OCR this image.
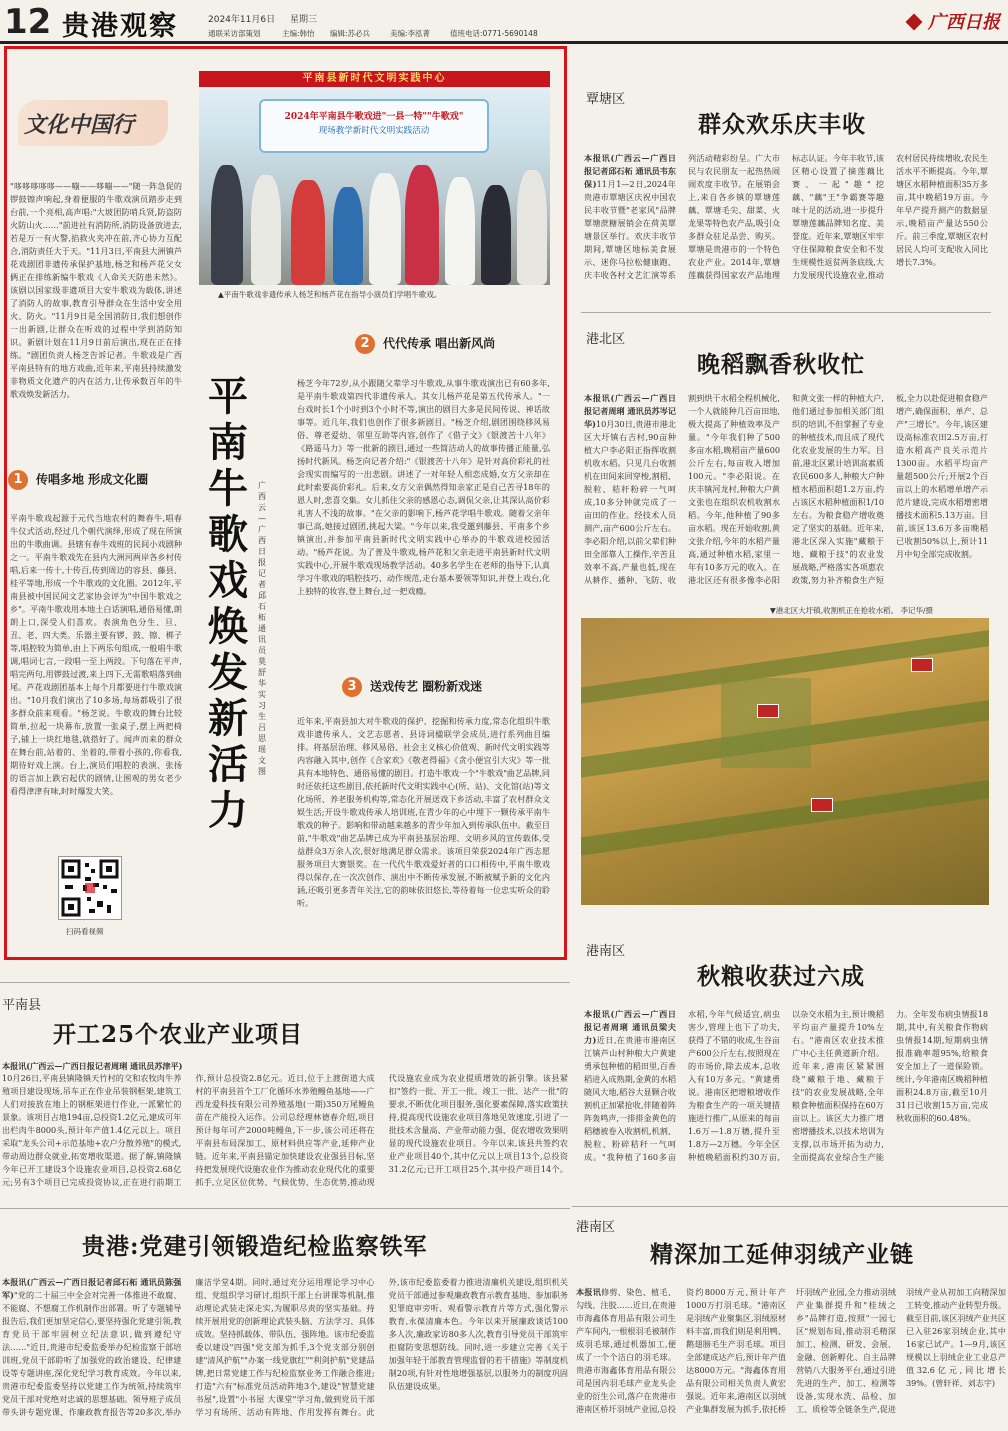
12 贵港观察	2024年11月6日 星期三
通联采访部策划	主编:韩怡 编辑:苏必兵	美编:李泓菁	值班电话:0771-5690148
广西日报
文化中国行
平南县新时代文明实践中心
2024年平南县牛歌戏进"一县一特""牛歌戏"
现场教学新时代文明实践活动
▲平南牛歌戏非遗传承人杨芝和杨芦花在指导小演员们学唱牛歌戏。
"哆哆哆哆哆——嘣——哆嘣——"随一阵急促的锣鼓镲声响起,身着便服的牛歌戏演员踏步走到台前,一个亮相,高声唱:"大坡团防哨兵贤,防盗防火防山火……"前进社有消防所,消防设备放进去,若是万一有火警,掐救火夹冲在前,齐心协力互配合,消防责任大于天。"11月3日,平南县大洲镇芦花戏剧团非遗传承保护基地,杨芝和杨芦花父女俩正在排练新编牛歌戏《人命关天防患未然》。该剧以国家级非遗项目大安牛歌戏为载体,讲述了消防人的故事,教育引导群众在生活中安全用火、防火。"11月9日是全国消防日,我们想创作一出新剧,让群众在听戏的过程中学到消防知识。新剧计划在11月9日前后演出,现在正在排练。"剧团负责人杨芝告诉记者。牛歌戏是广西平南县特有的地方戏曲,近年来,平南县持续激发非物质文化遗产的内在活力,让传承数百年的牛歌戏焕发新活力。
1 传唱多地 形成文化圈
平南牛歌戏起源于元代当地农村的舞春牛,唱春牛仪式活动,经过几个朝代演绎,形成了现在所演出的牛歌曲调。县辖有春牛戏班的民间小戏剧种之一。平南牛歌戏先在县内大洲河两岸各乡村传唱,后来一传十,十传百,传到周边的容县、藤县、桂平等地,形成一个牛歌戏的文化圈。2012年,平南县被中国民间文艺家协会评为"中国牛歌戏之乡"。平南牛歌戏用本地土白话演唱,通俗易懂,朗朗上口,深受人们喜欢。表演角色分生、旦、丑、老、四大类。乐器主要有锣、鼓、镲、梆子等,唱腔较为简单,由上下两乐句组成,一般唱牛歌调,唱词七言,一段唱一至上两段。下句落在平声,唱完两句,用锣鼓过渡,来上四下,无需歌唱落到曲尾。芦花戏剧团基本上每个月都要进行牛歌戏演出。"10月我们演出了10多场,每场都吸引了很多群众前来观看。"杨芝说。牛歌戏的舞台比较简单,拉起一块幕布,放置一张桌子,摆上两把椅子,铺上一块红地毯,就搭好了。闻声而来的群众在舞台前,站着的、坐着的,带着小孩的,你看我,期待好戏上演。台上,演员们唱腔的表演、张扬的语言加上跌宕起伏的剧情,让围观的男女老少看得津津有味,时时爆发大笑。
扫码看视频
平南牛歌戏焕发新活力
广西云—广西日报记者 邱石柘 通讯员 莫舒华 实习生 吕思瑶 文图
2 代代传承 唱出新风尚
杨芝今年72岁,从小跟随父辈学习牛歌戏,从事牛歌戏演出已有60多年,是平南牛歌戏第四代非遗传承人。其女儿杨芦花是第五代传承人。"一台戏时长1个小时到3个小时不等,演出的剧目大多是民间传说、神话故事等。近几年,我们也创作了很多新剧目。"杨芝介绍,剧团围绕移风易俗、尊老爱幼、邻里互助等内容,创作了《借子文》《银渡苦十八年》《路遥马力》等一批新的剧目,通过一些简洁动人的故事传播正能量,弘扬时代新风。杨芝向记者介绍:"《银渡苦十八年》是针对高价彩礼的社会现实而编写的一出悲剧。讲述了一对年轻人相恋成婚,女方父亲却在此时索要高价彩礼。后来,女方父亲偶然得知亲家正是自己苦寻18年的恩人时,悲喜交集。女儿抓住父亲的感恩心态,调侃父亲,让其深认高价彩礼害人不浅的故事。"在父亲的影响下,杨芦花学唱牛歌戏。随着父亲年事已高,她接过剧团,挑起大梁。"今年以来,我受邀到藤县、平南多个乡镇演出,并参加平南县新时代文明实践中心举办的牛歌戏进校园活动。"杨芦花说。为了普及牛歌戏,杨芦花和父亲走进平南县新时代文明实践中心,开展牛歌戏现场教学活动。40多名学生在老师的指导下,认真学习牛歌戏的唱腔技巧、动作规范,走台基本要领等知识,并登上戏台,化上独特的妆容,登上舞台,过一把戏瘾。
3 送戏传艺 圈粉新戏迷
近年来,平南县加大对牛歌戏的保护、挖掘和传承力度,常态化组织牛歌戏非遗传承人、文艺志愿者、县诗词楹联学会成员,进行系列曲目编排。将基层治理、移风易俗、社会主义核心价值观、新时代文明实践等内容融入其中,创作《合家欢》《敬老得福》《贪小便宜引大灾》等一批具有本地特色、通俗易懂的剧目。打造牛歌戏一个"牛歌戏"曲艺品牌,同时还依托这些剧目,依托新时代文明实践中心(所、站)、文化馆(站)等文化场所、养老服务机构等,常态化开展送戏下乡活动,丰富了农村群众文娱生活;开设牛歌戏传承人培训班,在青少年的心中埋下一颗传承平南牛歌戏的种子。影响和带动越来越多的青少年加入到传承队伍中。截至目前,"牛歌戏"曲艺品牌已成为平南县基层治理、文明乡风的宣传载体,受益群众3万余人次,很好地满足群众需求。该项目荣获2024年广西志愿服务项目大赛银奖。在一代代牛歌戏爱好者的口口相传中,平南牛歌戏得以保存,在一次次创作、演出中不断传承发展,不断被赋予新的文化内涵,还吸引更多青年关注,它的韵味依旧悠长,等待着每一位忠实听众的聆听。
覃塘区
群众欢乐庆丰收
本报讯(广西云—广西日报记者邱石柘 通讯员韦东保)11月1—2日,2024年贵港市覃塘区庆祝中国农民丰收节暨"老家风"品牌覃塘蔗糖展销会在荷美覃塘景区举行。欢庆丰收节期间,覃塘区地标美食展示、迷你马拉松健康跑、庆丰收各村文艺汇演等系列活动精彩纷呈。广大市民与农民朋友一起热热闹闹欢度丰收节。在展销会上,来自各乡镇的覃塘莲藕、覃塘毛尖、甜菜、火龙果等特色农产品,吸引众多群众驻足品尝、购买。覃塘是贵港市的一个特色农业产业。2014年,覃塘莲藕获得国家农产品地理标志认证。今年丰收节,该区精心设置了摘莲藕比赛、一起"趣"挖藕、"藕"王"争霸赛等趣味十足的活动,进一步提升覃塘莲藕品牌知名度、美誉度。近年来,覃塘区牢牢守住保障粮食安全和不发生规模性返贫两条底线,大力发展现代设施农业,推动农村居民持续增收,农民生活水平不断提高。今年,覃塘区水稻种植面积35万多亩,其中晚稻19万亩。今年早产提升测产的数据显示,晚稻亩产量达550公斤。前三季度,覃塘区农村居民人均可支配收入同比增长7.3%。
港北区
晚稻飘香秋收忙
本报讯(广西云—广西日报记者周琍 通讯员苏岑记华)10月30日,贵港市港北区大圩镇右吉村,90亩种植大户李必阳正指挥收割机收水稻。只见几台收割机在田间来回穿梭,割稻、脱粒、秸秆粉碎一气呵成,10多分钟就完成了一亩田的作业。经技术人员测产,亩产600公斤左右。李必阳介绍,以前父辈们种田全部靠人工操作,辛苦且效率不高,产量也低,现在从耕作、播种、飞防、收割到烘干水稻全程机械化,一个人就能种几百亩田地,极大提高了种植效率及产量。"今年我们种了500多亩水稻,晚稻亩产量600公斤左右,每亩收入增加100元。"李必阳说。在庆丰镇河龙村,种粮大户黄文张也在组织农机收割水稻。今年,他种植了90多亩水稻。现在开始收割,黄文张介绍,今年的水稻产量高,通过种植水稻,家里一年有10多万元的收入。在港北区还有很多像李必阳和黄文张一样的种植大户,他们通过参加相关部门组织的培训,不但掌握了专业的种植技术,而且成了现代化农业发展的生力军。目前,港北区累计培训高素质农民600多人,种粮大户种植水稻面积超1.2万亩,约占该区水稻种植面积1/10左右。为粮食稳产增收奠定了坚实的基础。近年来,港北区深入实施"藏粮于地、藏粮于技"的农业发展战略,严格落实各项惠农政策,努力补齐粮食生产短板,全力以赴促进粮食稳产增产,确保面积、单产、总产"三增长"。今年,该区建设高标准农田2.5万亩,打造水稻高产良关示范片1300亩。水稻平均亩产量超500公斤;开展2个百亩以上的水稻增单增产示范片建设,完成水稻增密增播技术面积5.13万亩。目前,该区13.6万多亩晚稻已收割50%以上,预计11月中旬全部完成收割。
▼港北区大圩镇,收割机正在抢收水稻。 李记华/摄
港南区
秋粮收获过六成
本报讯(广西云—广西日报记者周琍 通讯员梁夫力)近日,在贵港市港南区江镇芦山村种粮大户黄建勇承包种植的稻田里,百香稻进入成熟期,金黄的水稻随风大地,稻谷大显颗合收割机正加紧抢收,伴随着阵阵轰鸣声,一排排金黄色的稻穗被卷入收割机,机割、脱粒、粉碎秸秆一气呵成。"我种植了160多亩水稻,今年气候适宜,病虫害少,管理上也下了功夫,获得了不错的收成,生谷亩产600公斤左右,按照现在的市场价,除去成本,总收入有10万多元。"黄建勇说。港南区把增粮增收作为粮食生产的一项关键措施进行推广,从原来的每亩1.6万—1.8万穗,提升至1.8万—2万穗。今年全区种植晚稻面积约30万亩,以杂交水稻为主,预计晚稻平均亩产量提升10%左右。"港南区农业技术推广中心主任黄道新介绍。近年来,港南区紧紧围绕"藏粮于地、藏粮于技"的农业发展战略,全年粮食种植面积保持在60万亩以上。该区大力推广增密增播技术,以技术培训为支撑,以市场开拓为动力,全面提高农业综合生产能力。全年发布病虫情报18期,其中,有关粮食作物病虫情报14期,短期病虫情报准确率超95%,给粮食安全加上了一道保险锁。统计,今年港南区晚稻种植面积24.8万亩,截至10月31日已收割15万亩,完成秋收面积的60.48%。
平南县
开工25个农业产业项目
本报讯(广西云—广西日报记者周琍 通讯员苏津平)
10月26日,平南县镇隆镇天竹村的交和农牧肉牛养殖项目建设现场,吊车正在作业吊装钢框架,建筑工人们对接放在地上的钢框架进行作业,一派繁忙的景象。该项目占地194亩,总投资1.2亿元,建成可年出栏肉牛8000头,预计年产值1.4亿元以上。项目采取"龙头公司+示范基地+农户分散养殖"的模式,带动周边群众就业,拓宽增收渠道。据了解,镇隆镇今年已开工建设3个设施农业项目,总投资2.68亿元;另有3个项目已完成投资协议,正在进行前期工作,预计总投资2.8亿元。近日,位于上渡街道大成村的平南县首个工厂化循环水养殖鳗鱼基地——广西龙爱科技有限公司养殖基地(一期)350万尾鳗鱼苗在产能投入运作。公司总经理林德春介绍,项目预计每年可产2000吨鳗鱼,下一步,该公司还将在平南县布局深加工、原材料供应等产业,延伸产业链。近年来,平南县锚定加快建设农业强县目标,坚持把发展现代设施农业作为推动农业现代化的重要抓手,立足区位优势、气候优势、生态优势,推动现代设施农业成为农业提质增效的新引擎。该县紧扣"签约一批、开工一批、竣工一批、达产一批"的要求,不断优化项目服务,强化要素保障,落实政策扶持,提高现代设施农业项目落地见效速度,引进了一批技术含量高、产业带动能力强、促农增收效果明显的现代设施农业项目。今年以来,该县共签约农业产业项目40个,其中亿元以上项目13个,总投资31.2亿元;已开工项目25个,其中投产项目14个。
贵港:党建引领锻造纪检监察铁军
本报讯(广西云—广西日报记者邱石柘 通讯员陈强军)"党的二十届三中全会对完善一体推进不敢腐、不能腐、不想腐工作机制作出部署。听了专题辅导报告后,我们更加坚定信心,要坚持强化党建引领,教育党员干部牢固树立纪法意识,做到遵纪守法……"近日,贵港市纪委监委举办纪检监察干部培训班,党员干部聆听了加强党的政治建设、纪律建设等专题讲座,深化党纪学习教育成效。今年以来,贵港市纪委监委坚持以党建工作为统领,持续筑牢党员干部对党绝对忠诚的思想基础。领导班子成员带头讲专题党课、作廉政教育报告等20多次,举办廉洁学堂4期。同时,通过充分运用理论学习中心组、党组织学习研讨,组织干部上台讲课等机制,推动理论武装走深走实,为履职尽责的坚实基础。持续开展用党的创新理论武装头脑、方法学习、具体成效。坚持抓载体、带队伍、强阵地。该市纪委监委以建设"四强"党支部为抓手,3个党支部分别创建"清风护航""办案一线党旗红""利剑护航"党建品牌,把日常党建工作与纪检监察业务工作融合推进;打造"六有"标准党员活动阵地3个,建设"智慧党建书屋",设置"小书屋 大课堂"学习角,做到党员干部学习有场所、活动有阵地、作用发挥有舞台。此外,该市纪委监委着力推进清廉机关建设,组织机关党员干部通过参观廉政教育示教育基地、参加职务犯罪庭审旁听、观看警示教育片等方式,强化警示教育,永葆清廉本色。今年以来开展廉政谈话100多人次,廉政家访80多人次,教育引导党员干部筑牢拒腐防变思想防线。同时,进一步建立完善《关于加强年轻干部教育管理监督的若干措施》等制度机制20项,有针对性地增强基层,以服务力的制度巩固队伍建设成果。
港南区
精深加工延伸羽绒产业链
本报讯修剪、染色、植毛、勾线、注胶……近日,在贵港市海鑫体育用品有限公司生产车间内,一根根羽毛被制作成羽毛球,通过机器加工,便成了一个个洁白的羽毛球。贵港市海鑫体育用品有限公司是国内羽毛球产业龙头企业的衍生公司,落户在贵港市港南区桥圩羽绒产业园,总投资约8000万元,预计年产1000万打羽毛球。"港南区是羽绒产业聚集区,羽绒原材料丰富,而我们则是利用鸭、鹅翅膀毛生产羽毛球。项目全部建成达产后,预计年产值达8000万元。"海鑫体育用品有限公司相关负责人黄宏强说。近年来,港南区以羽绒产业集群发展为抓手,依托桥圩羽绒产业园,全力推动羽绒产业集群提升和"桂绒之乡"品牌打造,按照"一园七区"规划布局,推动羽毛精深加工、检测、研发、会展、金融、创新孵化、自主品牌营销八大服务平台,通过引进先进的生产、加工、检测等设备,实现水洗、品检、加工、质检等全链条生产,促进羽绒产业从初加工向精深加工转变,推动产业转型升级。截至目前,该区羽绒产业共区已入驻26家羽绒企业,其中16家已试产。1—9月,该区规模以上羽绒企业工业总产值32.6亿元,同比增长39%。(曾轩祥、刘志宇)
